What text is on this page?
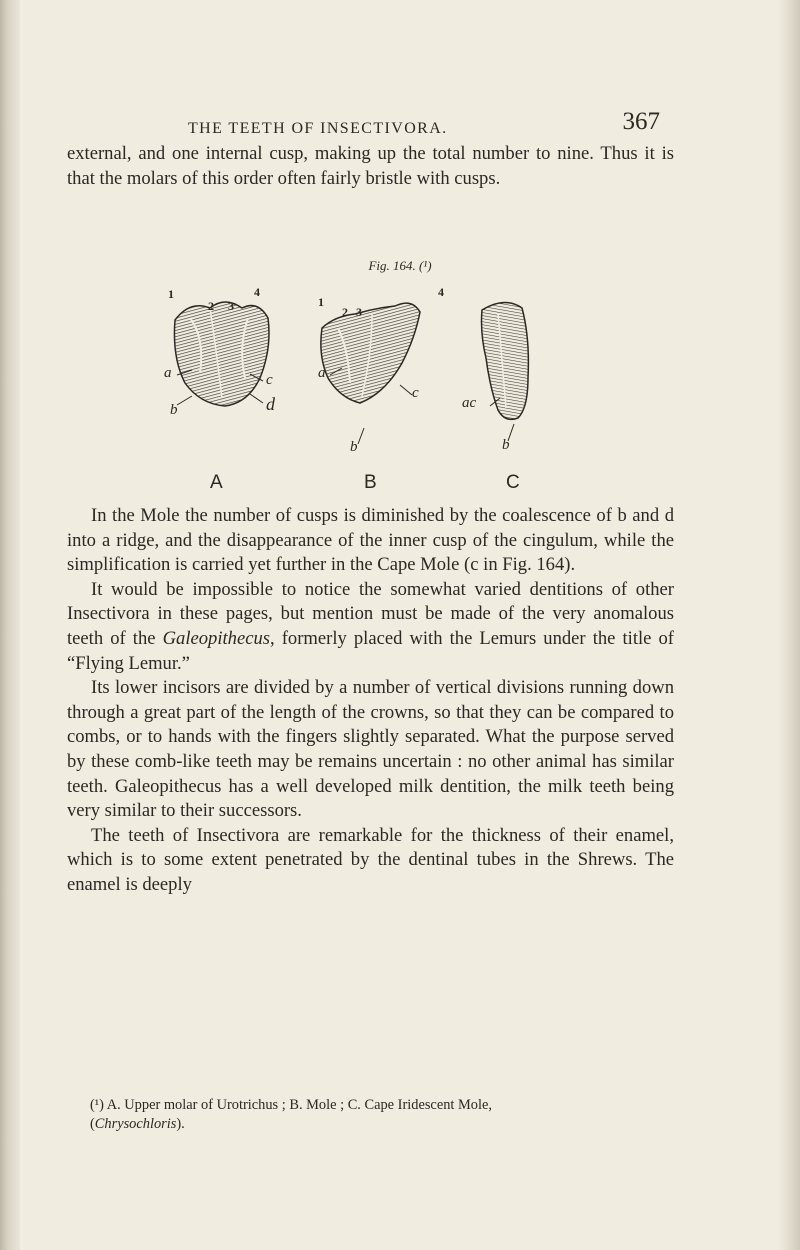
THE TEETH OF INSECTIVORA.	367

external, and one internal cusp, making up the total number to nine. Thus it is that the molars of this order often fairly bristle with cusps.

Fig. 164. (¹)
1
2 3
4
a
b
c
d
1
2 3
4
a
b
c
ac
b
A	B	C

In the Mole the number of cusps is diminished by the coalescence of b and d into a ridge, and the disappearance of the inner cusp of the cingulum, while the simplification is carried yet further in the Cape Mole (c in Fig. 164).

It would be impossible to notice the somewhat varied dentitions of other Insectivora in these pages, but mention must be made of the very anomalous teeth of the Galeopithecus, formerly placed with the Lemurs under the title of “Flying Lemur.”

Its lower incisors are divided by a number of vertical divisions running down through a great part of the length of the crowns, so that they can be compared to combs, or to hands with the fingers slightly separated. What the purpose served by these comb-like teeth may be remains uncertain : no other animal has similar teeth. Galeopithecus has a well developed milk dentition, the milk teeth being very similar to their successors.

The teeth of Insectivora are remarkable for the thickness of their enamel, which is to some extent penetrated by the dentinal tubes in the Shrews. The enamel is deeply

(¹) A. Upper molar of Urotrichus ; B. Mole ; C. Cape Iridescent Mole,

(Chrysochloris).
